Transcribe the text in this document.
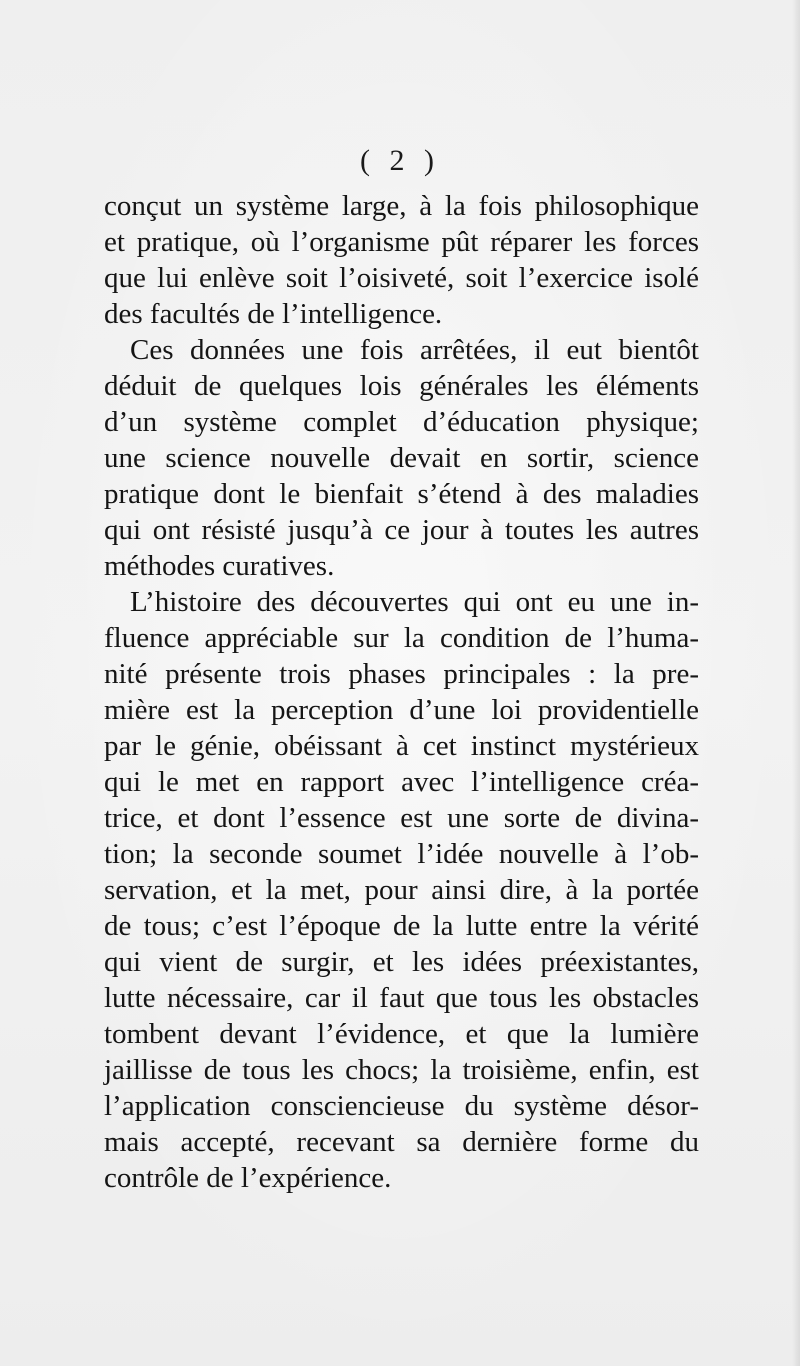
( 2 )
conçut un système large, à la fois philosophique
et pratique, où l’organisme pût réparer les forces
que lui enlève soit l’oisiveté, soit l’exercice isolé
des facultés de l’intelligence.
Ces données une fois arrêtées, il eut bientôt
déduit de quelques lois générales les éléments
d’un système complet d’éducation physique;
une science nouvelle devait en sortir, science
pratique dont le bienfait s’étend à des maladies
qui ont résisté jusqu’à ce jour à toutes les autres
méthodes curatives.
L’histoire des découvertes qui ont eu une in-
fluence appréciable sur la condition de l’huma-
nité présente trois phases principales : la pre-
mière est la perception d’une loi providentielle
par le génie, obéissant à cet instinct mystérieux
qui le met en rapport avec l’intelligence créa-
trice, et dont l’essence est une sorte de divina-
tion; la seconde soumet l’idée nouvelle à l’ob-
servation, et la met, pour ainsi dire, à la portée
de tous; c’est l’époque de la lutte entre la vérité
qui vient de surgir, et les idées préexistantes,
lutte nécessaire, car il faut que tous les obstacles
tombent devant l’évidence, et que la lumière
jaillisse de tous les chocs; la troisième, enfin, est
l’application consciencieuse du système désor-
mais accepté, recevant sa dernière forme du
contrôle de l’expérience.
